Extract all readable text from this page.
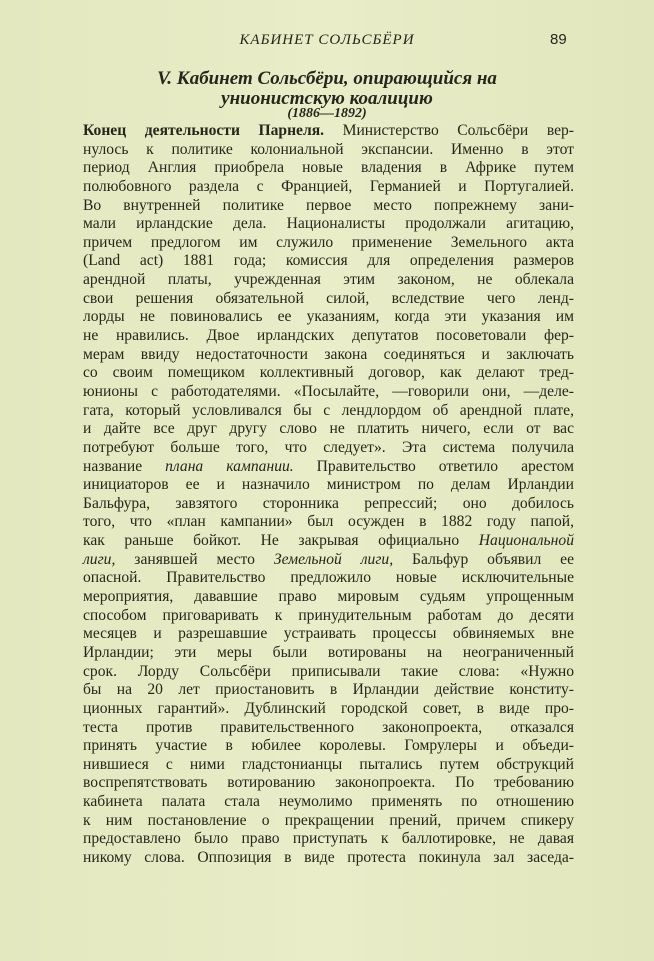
КАБИНЕТ СОЛЬСБЁРИ	89
V. Кабинет Сольсбёри, опирающийся на
унионистскую коалицию
(1886—1892)
Конец деятельности Парнеля. Министерство Сольсбёри вер-
нулось к политике колониальной экспансии. Именно в этот
период Англия приобрела новые владения в Африке путем
полюбовного раздела с Францией, Германией и Португалией.
Во внутренней политике первое место попрежнему зани-
мали ирландские дела. Националисты продолжали агитацию,
причем предлогом им служило применение Земельного акта
(Land act) 1881 года; комиссия для определения размеров
арендной платы, учрежденная этим законом, не облекала
свои решения обязательной силой, вследствие чего ленд-
лорды не повиновались ее указаниям, когда эти указания им
не нравились. Двое ирландских депутатов посоветовали фер-
мерам ввиду недостаточности закона соединяться и заключать
со своим помещиком коллективный договор, как делают тред-
юнионы с работодателями. «Посылайте, —говорили они, —деле-
гата, который условливался бы с лендлордом об арендной плате,
и дайте все друг другу слово не платить ничего, если от вас
потребуют больше того, что следует». Эта система получила
название плана кампании. Правительство ответило арестом
инициаторов ее и назначило министром по делам Ирландии
Бальфура, завзятого сторонника репрессий; оно добилось
того, что «план кампании» был осужден в 1882 году папой,
как раньше бойкот. Не закрывая официально Национальной
лиги, занявшей место Земельной лиги, Бальфур объявил ее
опасной. Правительство предложило новые исключительные
мероприятия, дававшие право мировым судьям упрощенным
способом приговаривать к принудительным работам до десяти
месяцев и разрешавшие устраивать процессы обвиняемых вне
Ирландии; эти меры были вотированы на неограниченный
срок. Лорду Сольсбёри приписывали такие слова: «Нужно
бы на 20 лет приостановить в Ирландии действие конститу-
ционных гарантий». Дублинский городской совет, в виде про-
теста против правительственного законопроекта, отказался
принять участие в юбилее королевы. Гомрулеры и объеди-
нившиеся с ними гладстонианцы пытались путем обструкций
воспрепятствовать вотированию законопроекта. По требованию
кабинета палата стала неумолимо применять по отношению
к ним постановление о прекращении прений, причем спикеру
предоставлено было право приступать к баллотировке, не давая
никому слова. Оппозиция в виде протеста покинула зал заседа-
